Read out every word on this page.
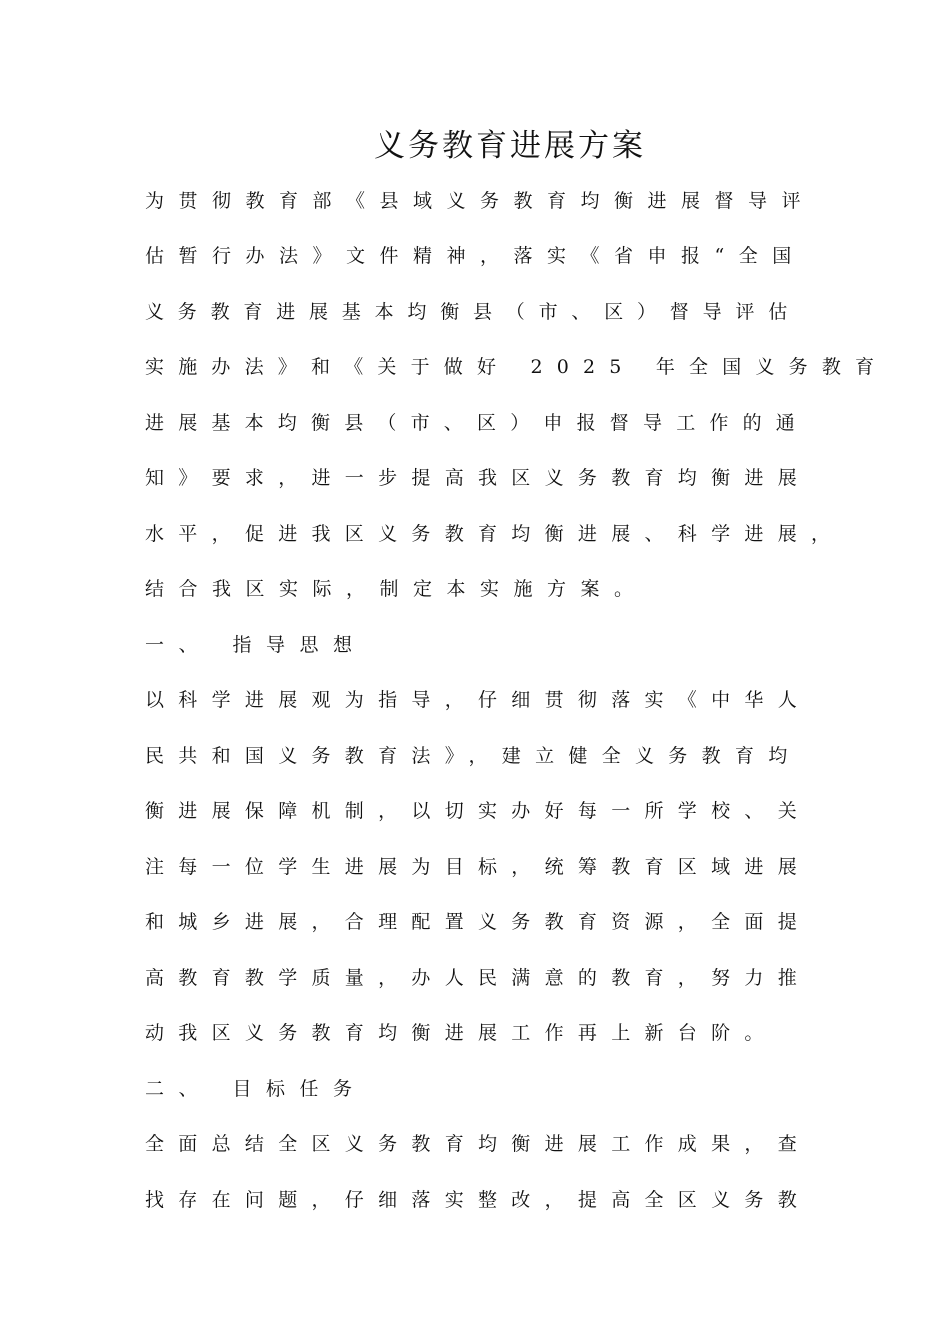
义务教育进展方案
为贯彻教育部《县域义务教育均衡进展督导评
估暂行办法》文件精神，落实《省申报“全国
义务教育进展基本均衡县（市、区）督导评估
实施办法》和《关于做好 2025 年全国义务教育
进展基本均衡县（市、区）申报督导工作的通
知》要求，进一步提高我区义务教育均衡进展
水平，促进我区义务教育均衡进展、科学进展，
结合我区实际，制定本实施方案。
一、 指导思想
以科学进展观为指导，仔细贯彻落实《中华人
民共和国义务教育法》，建立健全义务教育均
衡进展保障机制，以切实办好每一所学校、关
注每一位学生进展为目标，统筹教育区域进展
和城乡进展，合理配置义务教育资源，全面提
高教育教学质量，办人民满意的教育，努力推
动我区义务教育均衡进展工作再上新台阶。
二、 目标任务
全面总结全区义务教育均衡进展工作成果，查
找存在问题，仔细落实整改，提高全区义务教
